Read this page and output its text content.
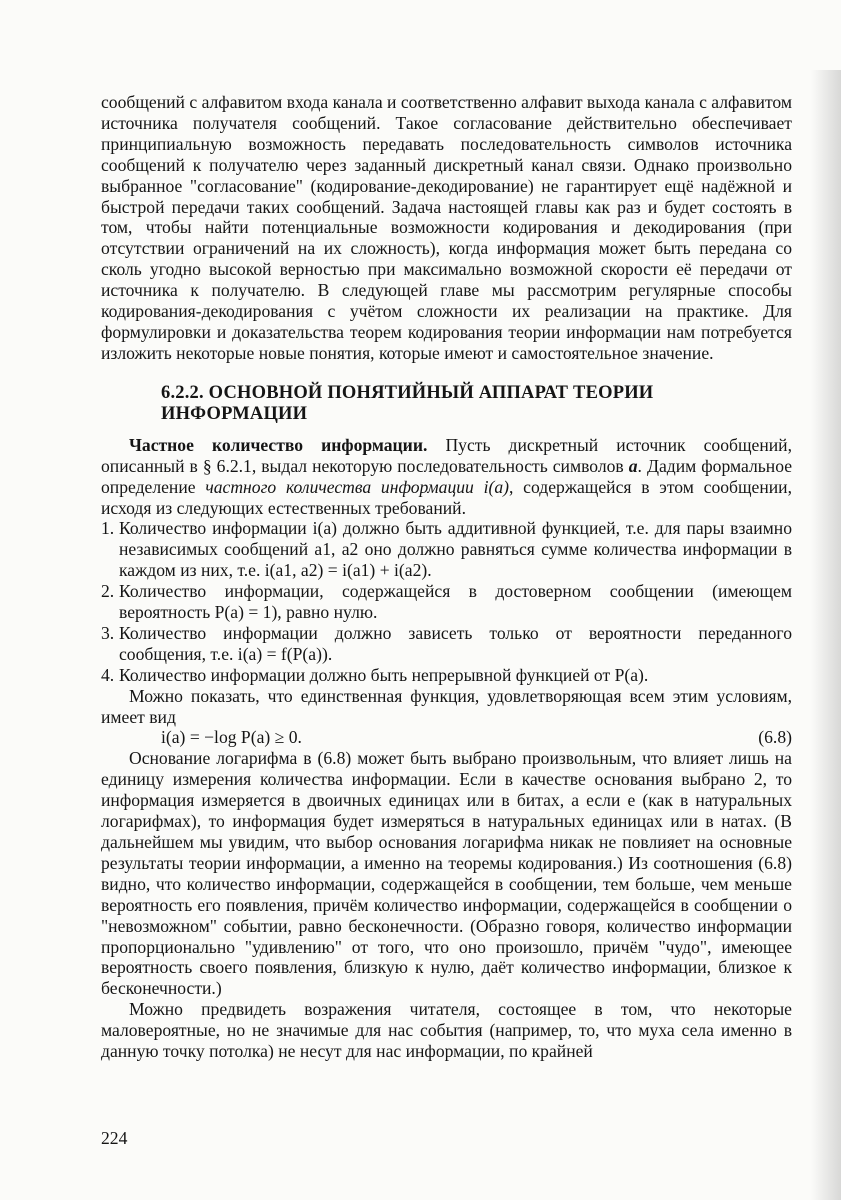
сообщений с алфавитом входа канала и соответственно алфавит выхода канала с алфавитом источника получателя сообщений. Такое согласование действительно обеспечивает принципиальную возможность передавать последовательность символов источника сообщений к получателю через заданный дискретный канал связи. Однако произвольно выбранное "согласование" (кодирование-декодирование) не гарантирует ещё надёжной и быстрой передачи таких сообщений. Задача настоящей главы как раз и будет состоять в том, чтобы найти потенциальные возможности кодирования и декодирования (при отсутствии ограничений на их сложность), когда информация может быть передана со сколь угодно высокой верностью при максимально возможной скорости её передачи от источника к получателю. В следующей главе мы рассмотрим регулярные способы кодирования-декодирования с учётом сложности их реализации на практике. Для формулировки и доказательства теорем кодирования теории информации нам потребуется изложить некоторые новые понятия, которые имеют и самостоятельное значение.

6.2.2. ОСНОВНОЙ ПОНЯТИЙНЫЙ АППАРАТ ТЕОРИИ ИНФОРМАЦИИ

Частное количество информации. Пусть дискретный источник сообщений, описанный в § 6.2.1, выдал некоторую последовательность символов a. Дадим формальное определение частного количества информации i(a), содержащейся в этом сообщении, исходя из следующих естественных требований.

1. Количество информации i(a) должно быть аддитивной функцией, т.е. для пары взаимно независимых сообщений a1, a2 оно должно равняться сумме количества информации в каждом из них, т.е. i(a1, a2) = i(a1) + i(a2).
2. Количество информации, содержащейся в достоверном сообщении (имеющем вероятность P(a) = 1), равно нулю.
3. Количество информации должно зависеть только от вероятности переданного сообщения, т.е. i(a) = f(P(a)).
4. Количество информации должно быть непрерывной функцией от P(a).

Можно показать, что единственная функция, удовлетворяющая всем этим условиям, имеет вид

i(a) = −log P(a) ≥ 0.	(6.8)

Основание логарифма в (6.8) может быть выбрано произвольным, что влияет лишь на единицу измерения количества информации. Если в качестве основания выбрано 2, то информация измеряется в двоичных единицах или в битах, а если e (как в натуральных логарифмах), то информация будет измеряться в натуральных единицах или в натах. (В дальнейшем мы увидим, что выбор основания логарифма никак не повлияет на основные результаты теории информации, а именно на теоремы кодирования.) Из соотношения (6.8) видно, что количество информации, содержащейся в сообщении, тем больше, чем меньше вероятность его появления, причём количество информации, содержащейся в сообщении о "невозможном" событии, равно бесконечности. (Образно говоря, количество информации пропорционально "удивлению" от того, что оно произошло, причём "чудо", имеющее вероятность своего появления, близкую к нулю, даёт количество информации, близкое к бесконечности.)

Можно предвидеть возражения читателя, состоящее в том, что некоторые маловероятные, но не значимые для нас события (например, то, что муха села именно в данную точку потолка) не несут для нас информации, по крайней

224
